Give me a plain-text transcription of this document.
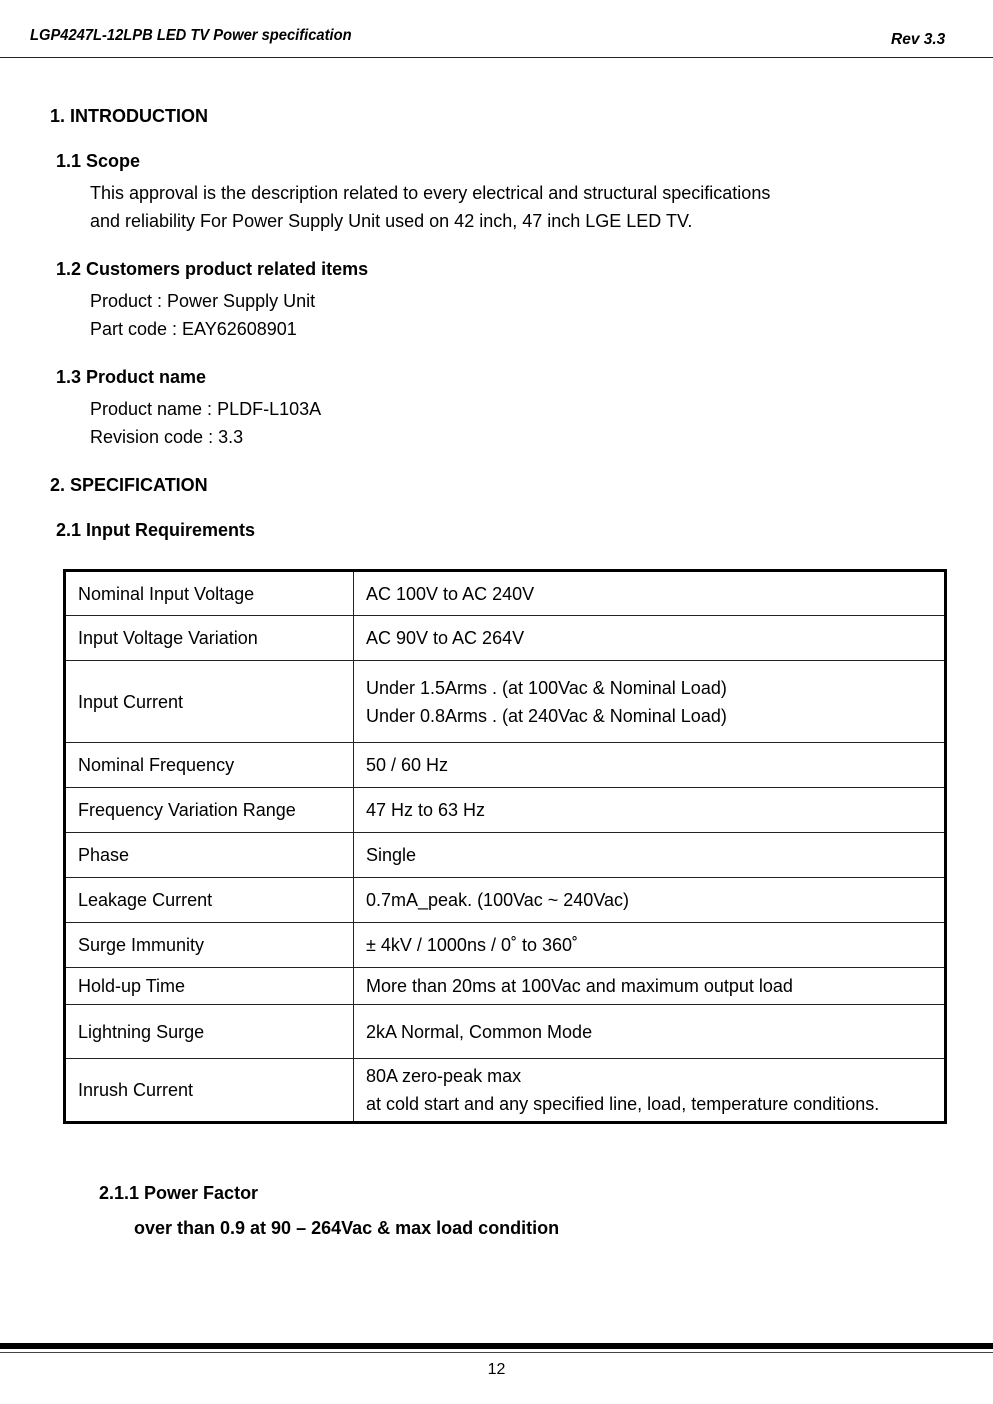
LGP4247L-12LPB LED TV Power specification	Rev 3.3
1. INTRODUCTION
1.1 Scope
This approval is the description related to every electrical and structural specifications
and reliability For Power Supply Unit used on 42 inch, 47 inch LGE LED TV.
1.2 Customers product related items
Product : Power Supply Unit
Part code : EAY62608901
1.3 Product name
Product name : PLDF-L103A
Revision code : 3.3
2. SPECIFICATION
2.1 Input Requirements
Nominal Input Voltage	AC 100V to AC 240V
Input Voltage Variation	AC 90V to AC 264V
Input Current	Under 1.5Arms . (at 100Vac & Nominal Load)
Under 0.8Arms . (at 240Vac & Nominal Load)

Nominal Frequency	50 / 60 Hz
Frequency Variation Range	47 Hz to 63 Hz
Phase	Single
Leakage Current	0.7mA_peak. (100Vac ~ 240Vac)
Surge Immunity	± 4kV / 1000ns / 0˚ to 360˚
Hold-up Time	More than 20ms at 100Vac and maximum output load
Lightning Surge	2kA Normal, Common Mode
Inrush Current	80A zero-peak max
at cold start and any specified line, load, temperature conditions.
2.1.1 Power Factor
over than 0.9 at 90 – 264Vac & max load condition
12
